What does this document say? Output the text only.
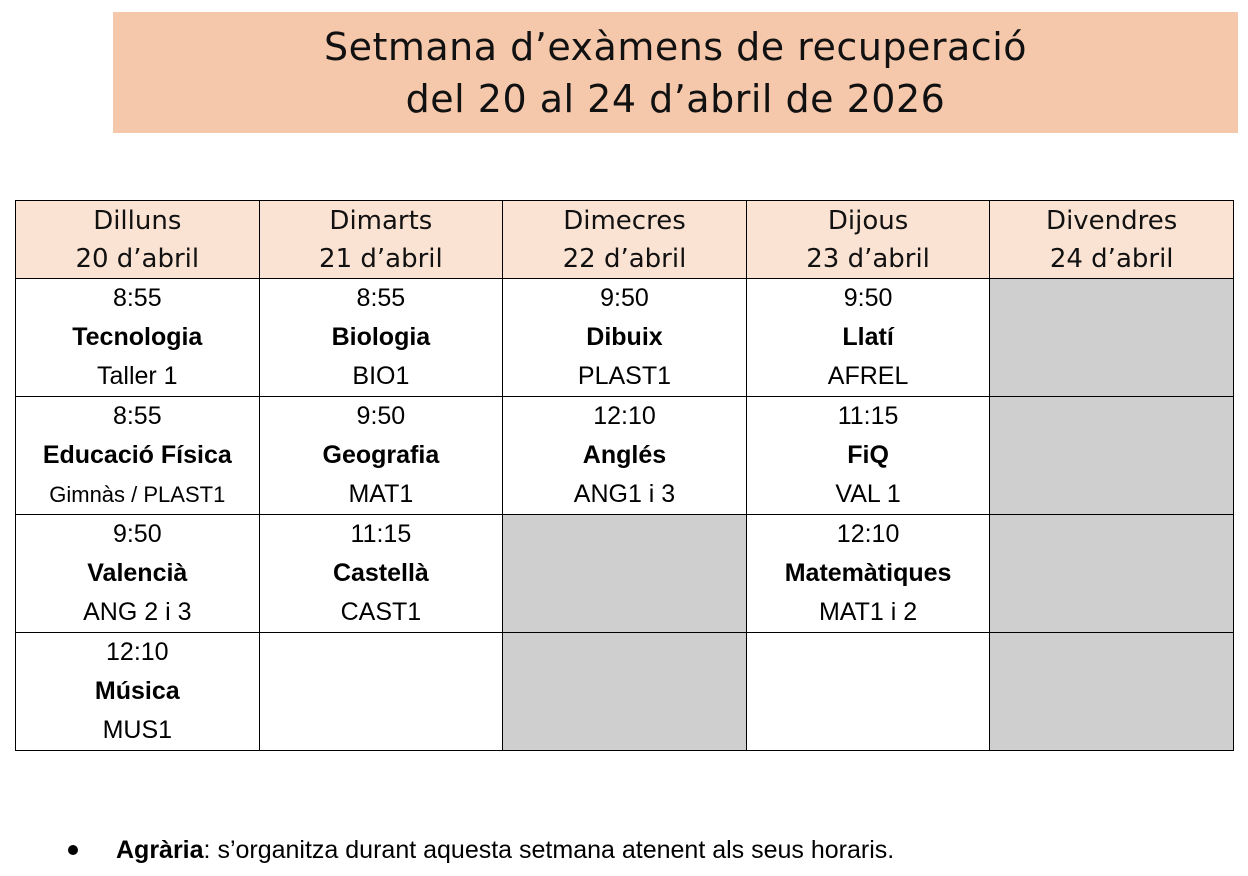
Setmana d’exàmens de recuperació
del 20 al 24 d’abril de 2026
Dilluns
20 d’abril	Dimarts
21 d’abril	Dimecres
22 d’abril	Dijous
23 d’abril	Divendres
24 d’abril

8:55
Tecnologia
Taller 1	8:55
Biologia
BIO1	9:50
Dibuix
PLAST1	9:50
Llatí
AFREL	

8:55
Educació Física
Gimnàs / PLAST1	9:50
Geografia
MAT1	12:10
Anglés
ANG1 i 3	11:15
FiQ
VAL 1	

9:50
Valencià
ANG 2 i 3	11:15
Castellà
CAST1		12:10
Matemàtiques
MAT1 i 2	

12:10
Música
MUS1				

Agrària: s’organitza durant aquesta setmana atenent als seus horaris.
